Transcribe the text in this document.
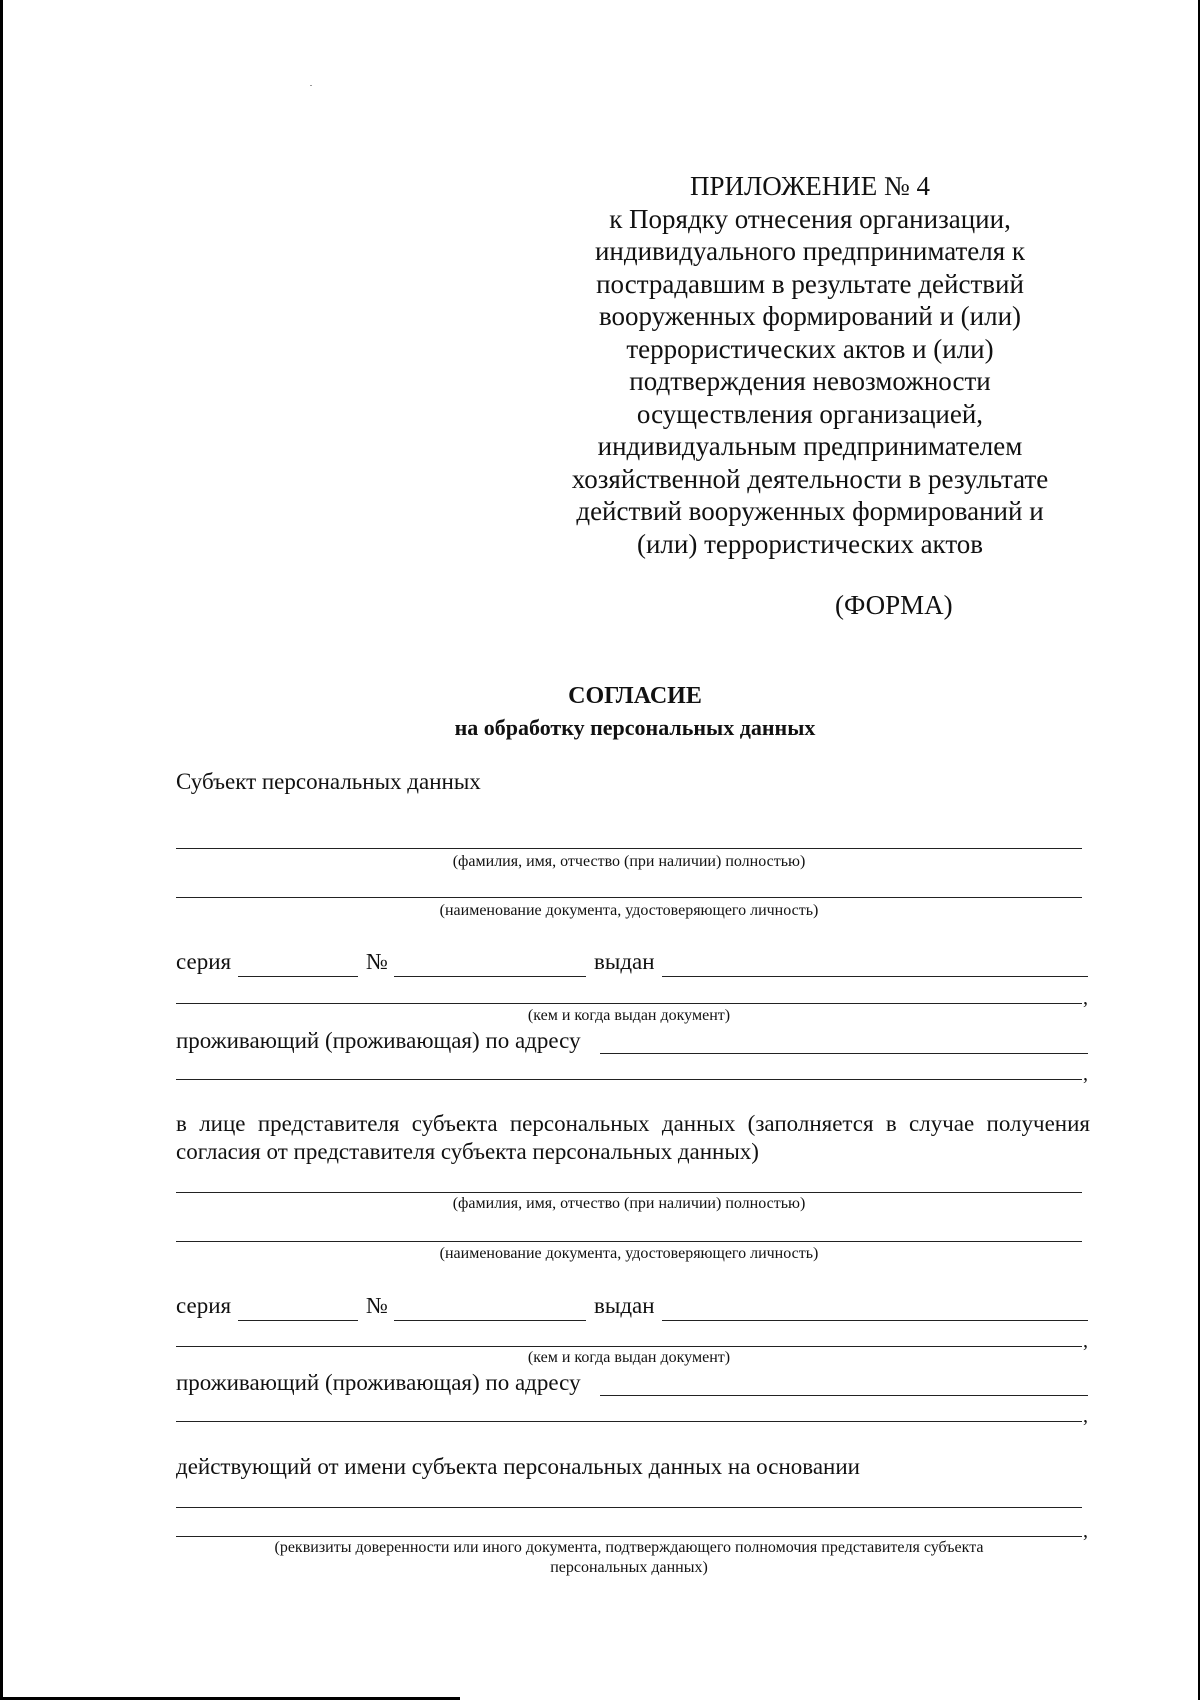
ПРИЛОЖЕНИЕ № 4
к Порядку отнесения организации,
индивидуального предпринимателя к
пострадавшим в результате действий
вооруженных формирований и (или)
террористических актов и (или)
подтверждения невозможности
осуществления организацией,
индивидуальным предпринимателем
хозяйственной деятельности в результате
действий вооруженных формирований и
(или) террористических актов
(ФОРМА)
СОГЛАСИЕ
на обработку персональных данных
Субъект персональных данных
(фамилия, имя, отчество (при наличии) полностью)
(наименование документа, удостоверяющего личность)
серия	№	выдан
,
(кем и когда выдан документ)
проживающий (проживающая) по адресу
,
в лице представителя субъекта персональных данных (заполняется в случае получения согласия от представителя субъекта персональных данных)
(фамилия, имя, отчество (при наличии) полностью)
(наименование документа, удостоверяющего личность)
серия	№	выдан
,
(кем и когда выдан документ)
проживающий (проживающая) по адресу
,
действующий от имени субъекта персональных данных на основании
,
(реквизиты доверенности или иного документа, подтверждающего полномочия представителя субъекта
персональных данных)
